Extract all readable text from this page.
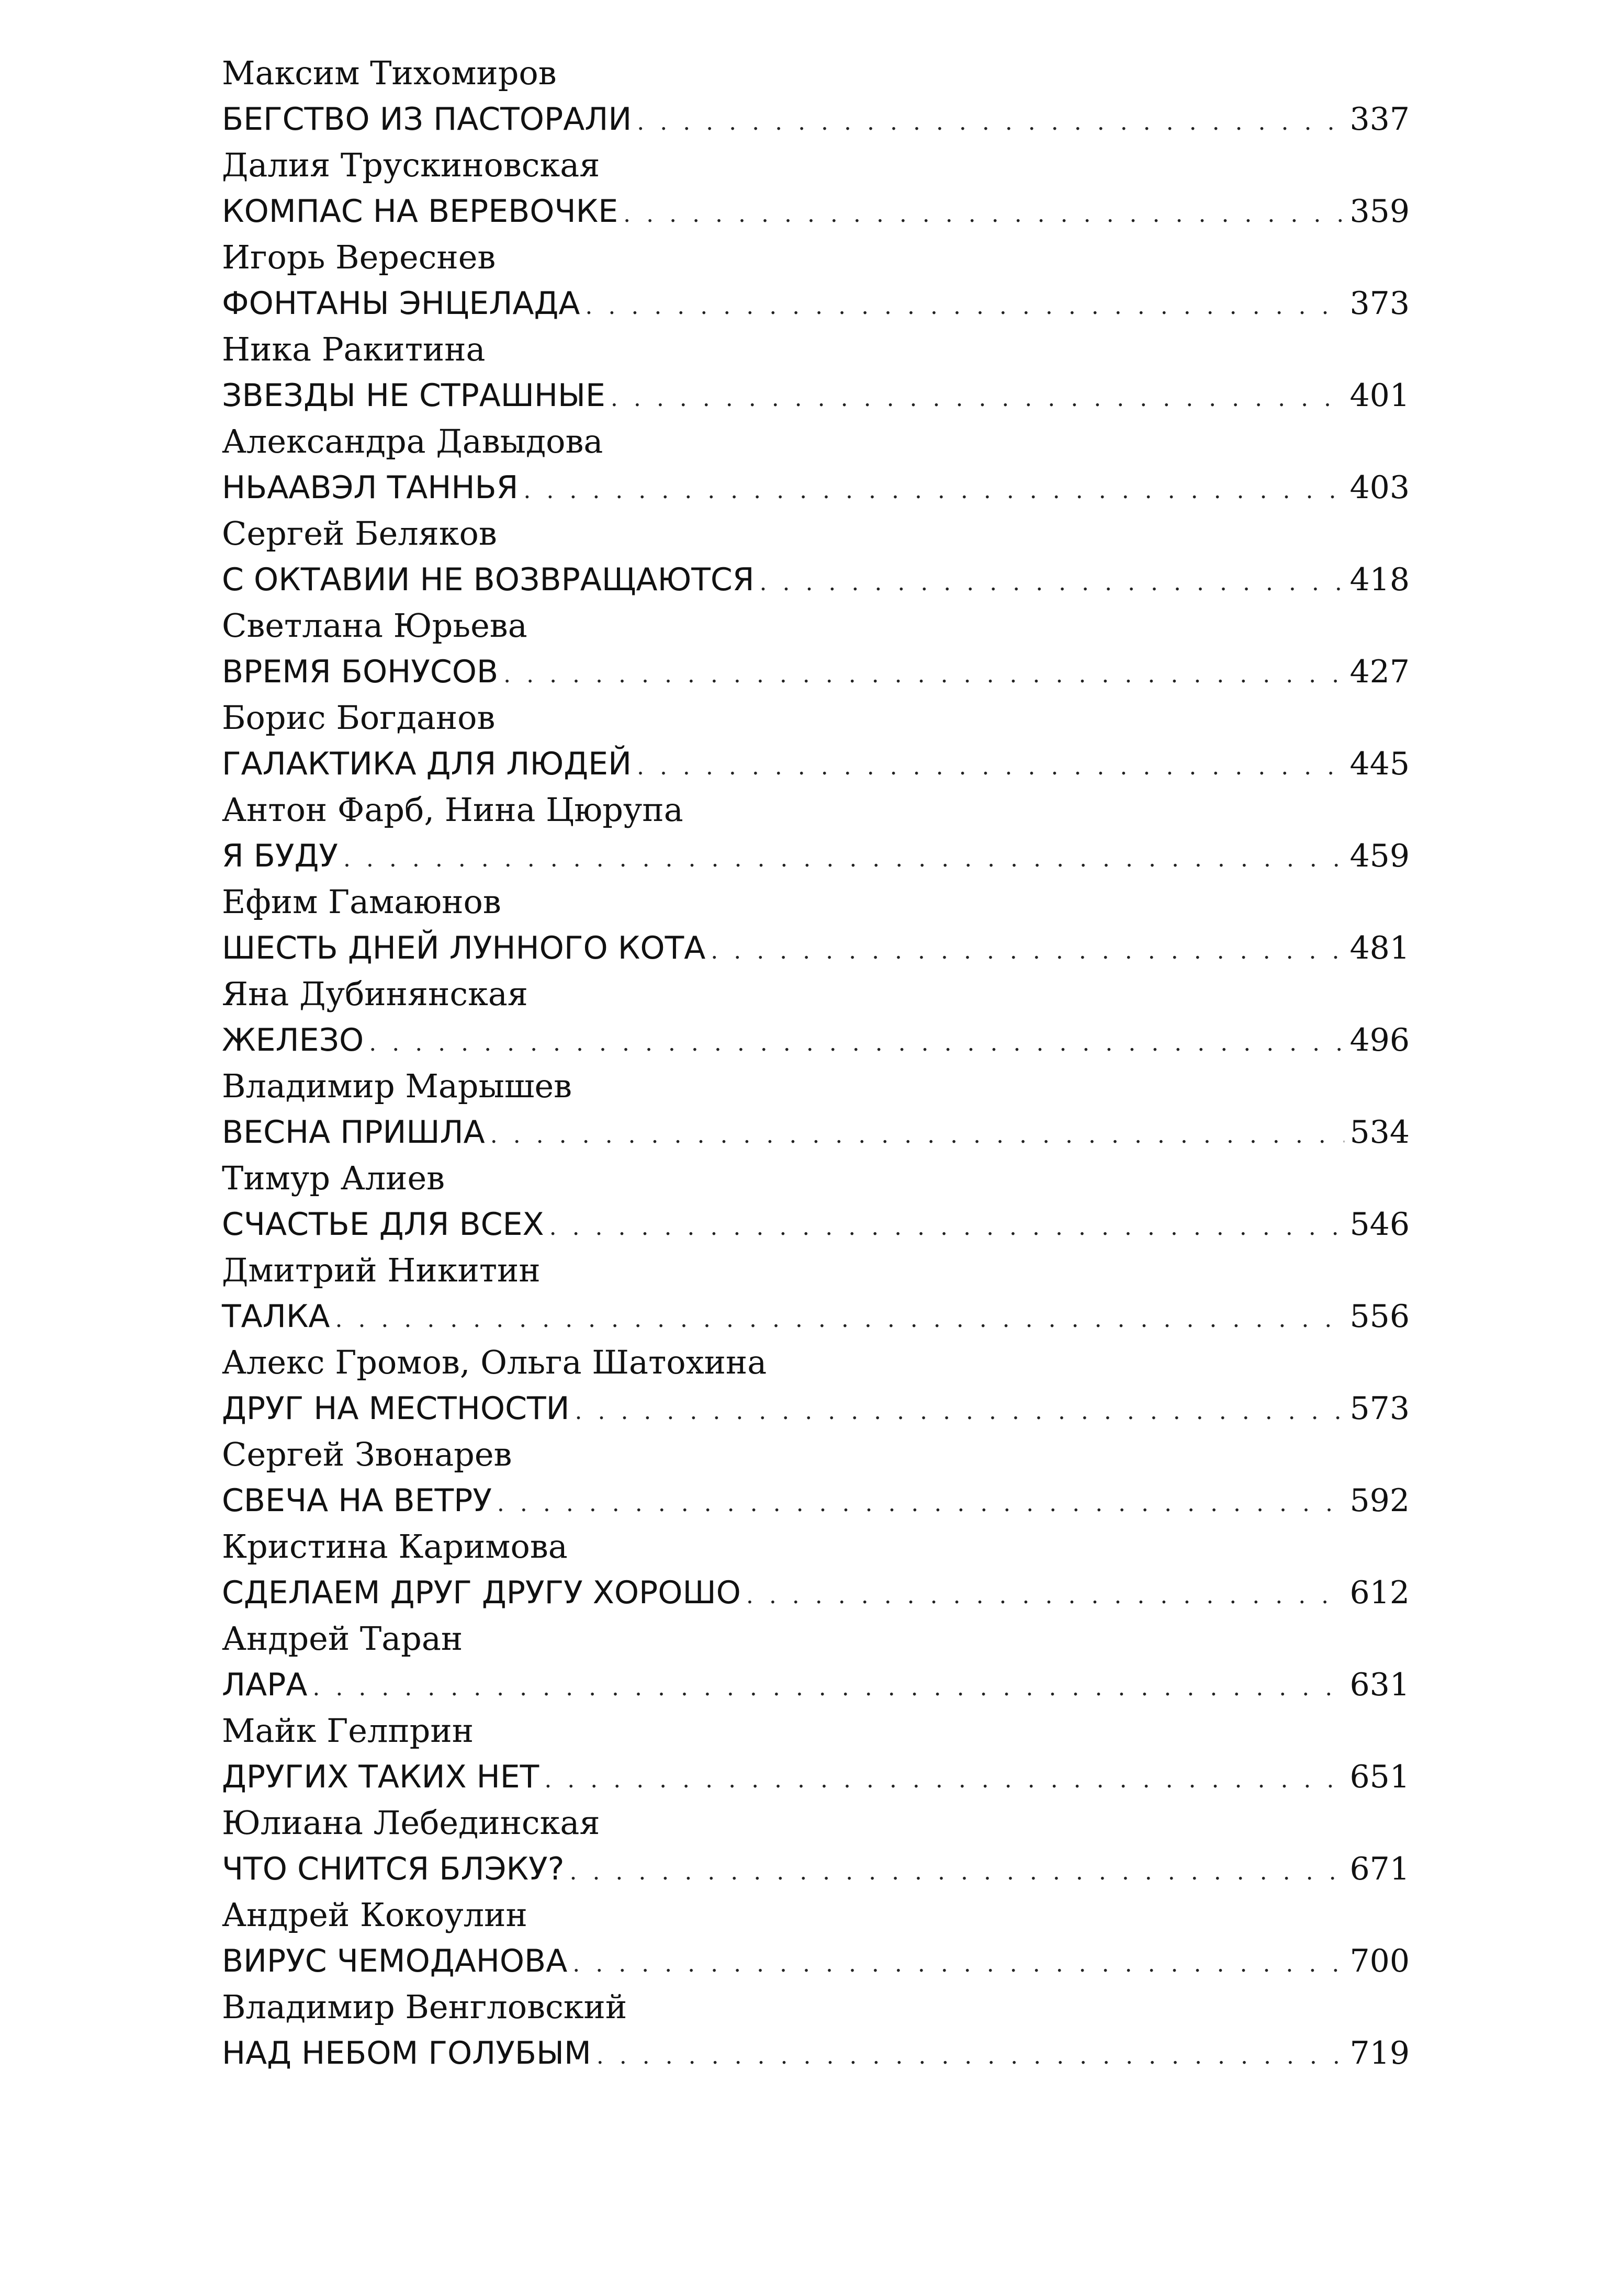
Максим Тихомиров
БЕГСТВО ИЗ ПАСТОРАЛИ . . .	337
Далия Трускиновская
КОМПАС НА ВЕРЕВОЧКЕ . . .	359
Игорь Вереснев
ФОНТАНЫ ЭНЦЕЛАДА . . .	373
Ника Ракитина
ЗВЕЗДЫ НЕ СТРАШНЫЕ . . .	401
Александра Давыдова
НЬААВЭЛ ТАННЬЯ . . .	403
Сергей Беляков
С ОКТАВИИ НЕ ВОЗВРАЩАЮТСЯ . . .	418
Светлана Юрьева
ВРЕМЯ БОНУСОВ . . .	427
Борис Богданов
ГАЛАКТИКА ДЛЯ ЛЮДЕЙ . . .	445
Антон Фарб, Нина Цюрупа
Я БУДУ . . .	459
Ефим Гамаюнов
ШЕСТЬ ДНЕЙ ЛУННОГО КОТА . . .	481
Яна Дубинянская
ЖЕЛЕЗО . . .	496
Владимир Марышев
ВЕСНА ПРИШЛА . . .	534
Тимур Алиев
СЧАСТЬЕ ДЛЯ ВСЕХ . . .	546
Дмитрий Никитин
ТАЛКА . . .	556
Алекс Громов, Ольга Шатохина
ДРУГ НА МЕСТНОСТИ . . .	573
Сергей Звонарев
СВЕЧА НА ВЕТРУ . . .	592
Кристина Каримова
СДЕЛАЕМ ДРУГ ДРУГУ ХОРОШО . . .	612
Андрей Таран
ЛАРА . . .	631
Майк Гелприн
ДРУГИХ ТАКИХ НЕТ . . .	651
Юлиана Лебединская
ЧТО СНИТСЯ БЛЭКУ? . . .	671
Андрей Кокоулин
ВИРУС ЧЕМОДАНОВА . . .	700
Владимир Венгловский
НАД НЕБОМ ГОЛУБЫМ . . .	719
